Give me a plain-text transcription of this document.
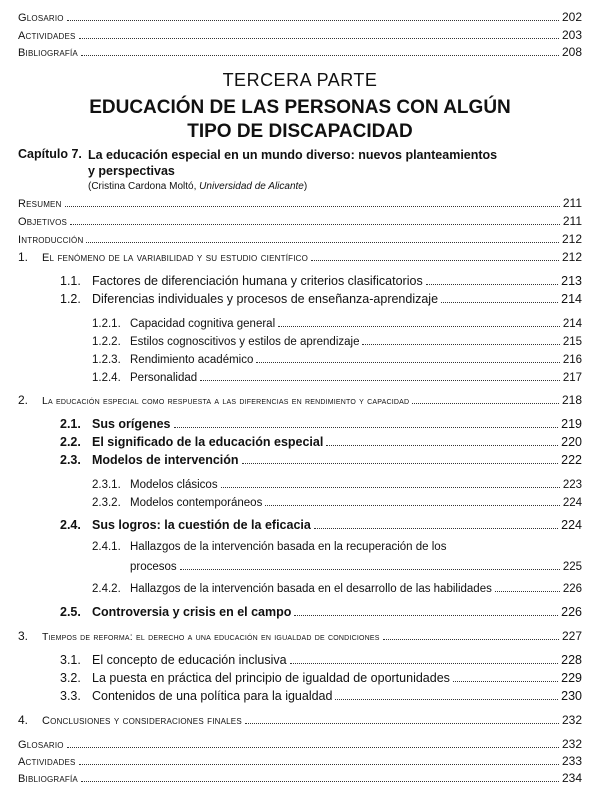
Glosario	202
Actividades	203
Bibliografía	208
TERCERA PARTE
EDUCACIÓN DE LAS PERSONAS CON ALGÚN
TIPO DE DISCAPACIDAD
Capítulo 7. La educación especial en un mundo diverso: nuevos planteamientos
y perspectivas
(Cristina Cardona Moltó, Universidad de Alicante)
Resumen	211
Objetivos	211
Introducción	212
1.	El fenómeno de la variabilidad y su estudio científico	212
1.1. Factores de diferenciación humana y criterios clasificatorios	213
1.2. Diferencias individuales y procesos de enseñanza-aprendizaje	214
1.2.1. Capacidad cognitiva general	214
1.2.2. Estilos cognoscitivos y estilos de aprendizaje	215
1.2.3. Rendimiento académico	216
1.2.4. Personalidad	217
2.	La educación especial como respuesta a las diferencias en rendimiento y capacidad	218
2.1. Sus orígenes	219
2.2. El significado de la educación especial	220
2.3. Modelos de intervención	222
2.3.1. Modelos clásicos	223
2.3.2. Modelos contemporáneos	224
2.4. Sus logros: la cuestión de la eficacia	224
2.4.1. Hallazgos de la intervención basada en la recuperación de los
procesos	225
2.4.2. Hallazgos de la intervención basada en el desarrollo de las habilidades	226
2.5. Controversia y crisis en el campo	226
3.	Tiempos de reforma: el derecho a una educación en igualdad de condiciones	227
3.1. El concepto de educación inclusiva	228
3.2. La puesta en práctica del principio de igualdad de oportunidades	229
3.3. Contenidos de una política para la igualdad	230
4.	Conclusiones y consideraciones finales	232
Glosario	232
Actividades	233
Bibliografía	234
